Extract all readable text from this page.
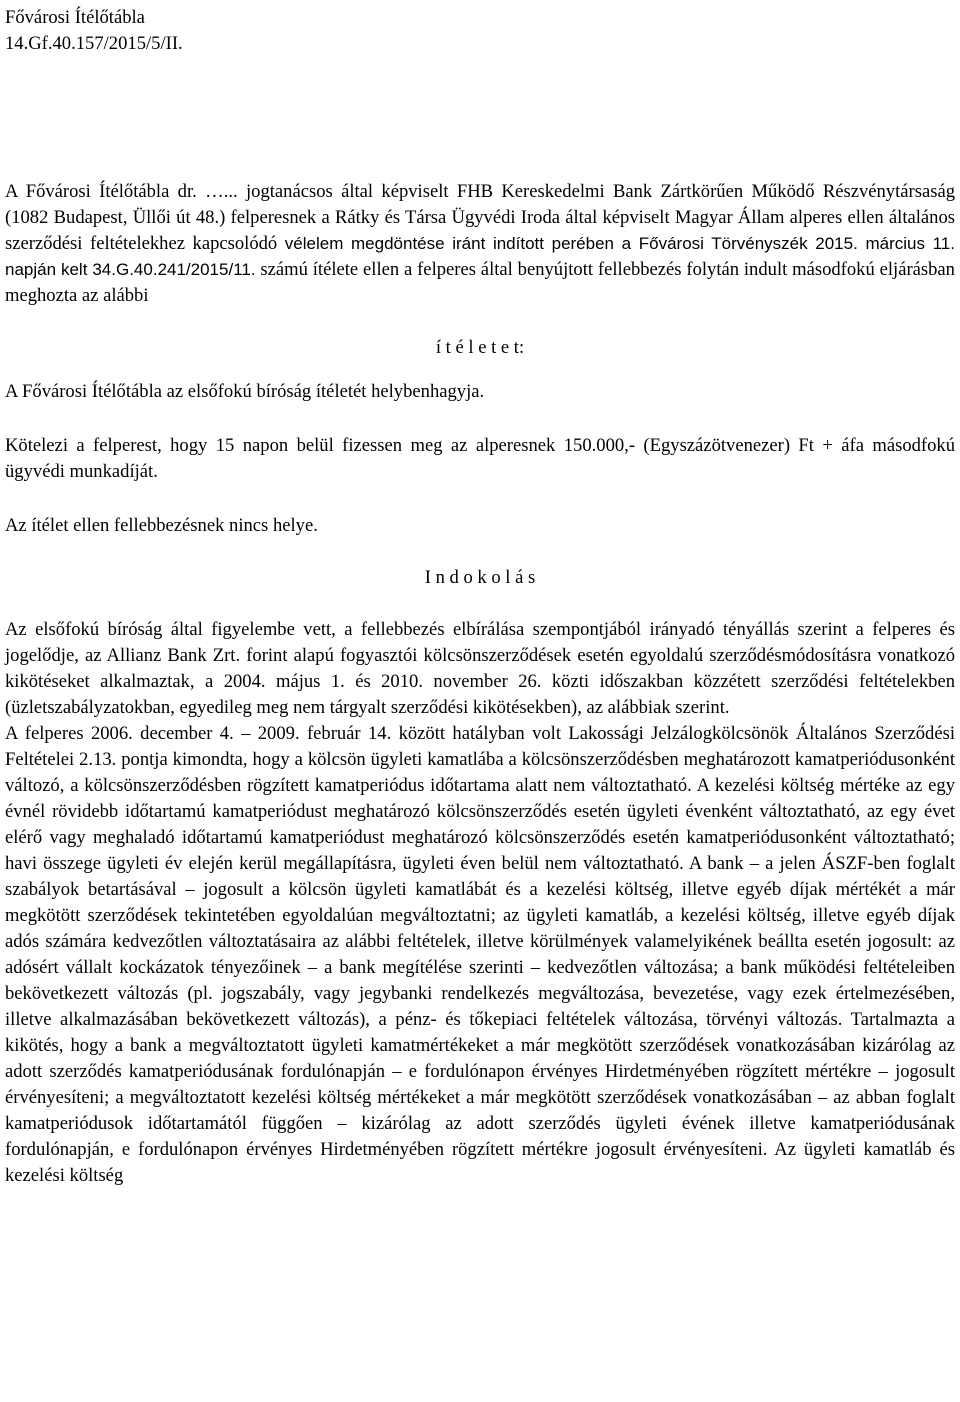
Fővárosi Ítélőtábla
14.Gf.40.157/2015/5/II.

A Fővárosi Ítélőtábla dr. …... jogtanácsos által képviselt FHB Kereskedelmi Bank Zártkörűen Működő Részvénytársaság (1082 Budapest, Üllői út 48.) felperesnek a Rátky és Társa Ügyvédi Iroda által képviselt Magyar Állam alperes ellen általános szerződési feltételekhez kapcsolódó vélelem megdöntése iránt indított perében a Fővárosi Törvényszék 2015. március 11. napján kelt 34.G.40.241/2015/11. számú ítélete ellen a felperes által benyújtott fellebbezés folytán indult másodfokú eljárásban meghozta az alábbi

í t é l e t e t:

A Fővárosi Ítélőtábla az elsőfokú bíróság ítéletét helybenhagyja.

Kötelezi a felperest, hogy 15 napon belül fizessen meg az alperesnek 150.000,- (Egyszázötvenezer) Ft + áfa másodfokú ügyvédi munkadíját.

Az ítélet ellen fellebbezésnek nincs helye.

I n d o k o l á s

Az elsőfokú bíróság által figyelembe vett, a fellebbezés elbírálása szempontjából irányadó tényállás szerint a felperes és jogelődje, az Allianz Bank Zrt. forint alapú fogyasztói kölcsönszerződések esetén egyoldalú szerződésmódosításra vonatkozó kikötéseket alkalmaztak, a 2004. május 1. és 2010. november 26. közti időszakban közzétett szerződési feltételekben (üzletszabályzatokban, egyedileg meg nem tárgyalt szerződési kikötésekben), az alábbiak szerint.

A felperes 2006. december 4. – 2009. február 14. között hatályban volt Lakossági Jelzálogkölcsönök Általános Szerződési Feltételei 2.13. pontja kimondta, hogy a kölcsön ügyleti kamatlába a kölcsönszerződésben meghatározott kamatperiódusonként változó, a kölcsönszerződésben rögzített kamatperiódus időtartama alatt nem változtatható. A kezelési költség mértéke az egy évnél rövidebb időtartamú kamatperiódust meghatározó kölcsönszerződés esetén ügyleti évenként változtatható, az egy évet elérő vagy meghaladó időtartamú kamatperiódust meghatározó kölcsönszerződés esetén kamatperiódusonként változtatható; havi összege ügyleti év elején kerül megállapításra, ügyleti éven belül nem változtatható. A bank – a jelen ÁSZF-ben foglalt szabályok betartásával – jogosult a kölcsön ügyleti kamatlábát és a kezelési költség, illetve egyéb díjak mértékét a már megkötött szerződések tekintetében egyoldalúan megváltoztatni; az ügyleti kamatláb, a kezelési költség, illetve egyéb díjak adós számára kedvezőtlen változtatásaira az alábbi feltételek, illetve körülmények valamelyikének beállta esetén jogosult: az adósért vállalt kockázatok tényezőinek – a bank megítélése szerinti – kedvezőtlen változása; a bank működési feltételeiben bekövetkezett változás (pl. jogszabály, vagy jegybanki rendelkezés megváltozása, bevezetése, vagy ezek értelmezésében, illetve alkalmazásában bekövetkezett változás), a pénz- és tőkepiaci feltételek változása, törvényi változás. Tartalmazta a kikötés, hogy a bank a megváltoztatott ügyleti kamatmértékeket a már megkötött szerződések vonatkozásában kizárólag az adott szerződés kamatperiódusának fordulónapján – e fordulónapon érvényes Hirdetményében rögzített mértékre – jogosult érvényesíteni; a megváltoztatott kezelési költség mértékeket a már megkötött szerződések vonatkozásában – az abban foglalt kamatperiódusok időtartamától függően – kizárólag az adott szerződés ügyleti évének illetve kamatperiódusának fordulónapján, e fordulónapon érvényes Hirdetményében rögzített mértékre jogosult érvényesíteni. Az ügyleti kamatláb és kezelési költség
